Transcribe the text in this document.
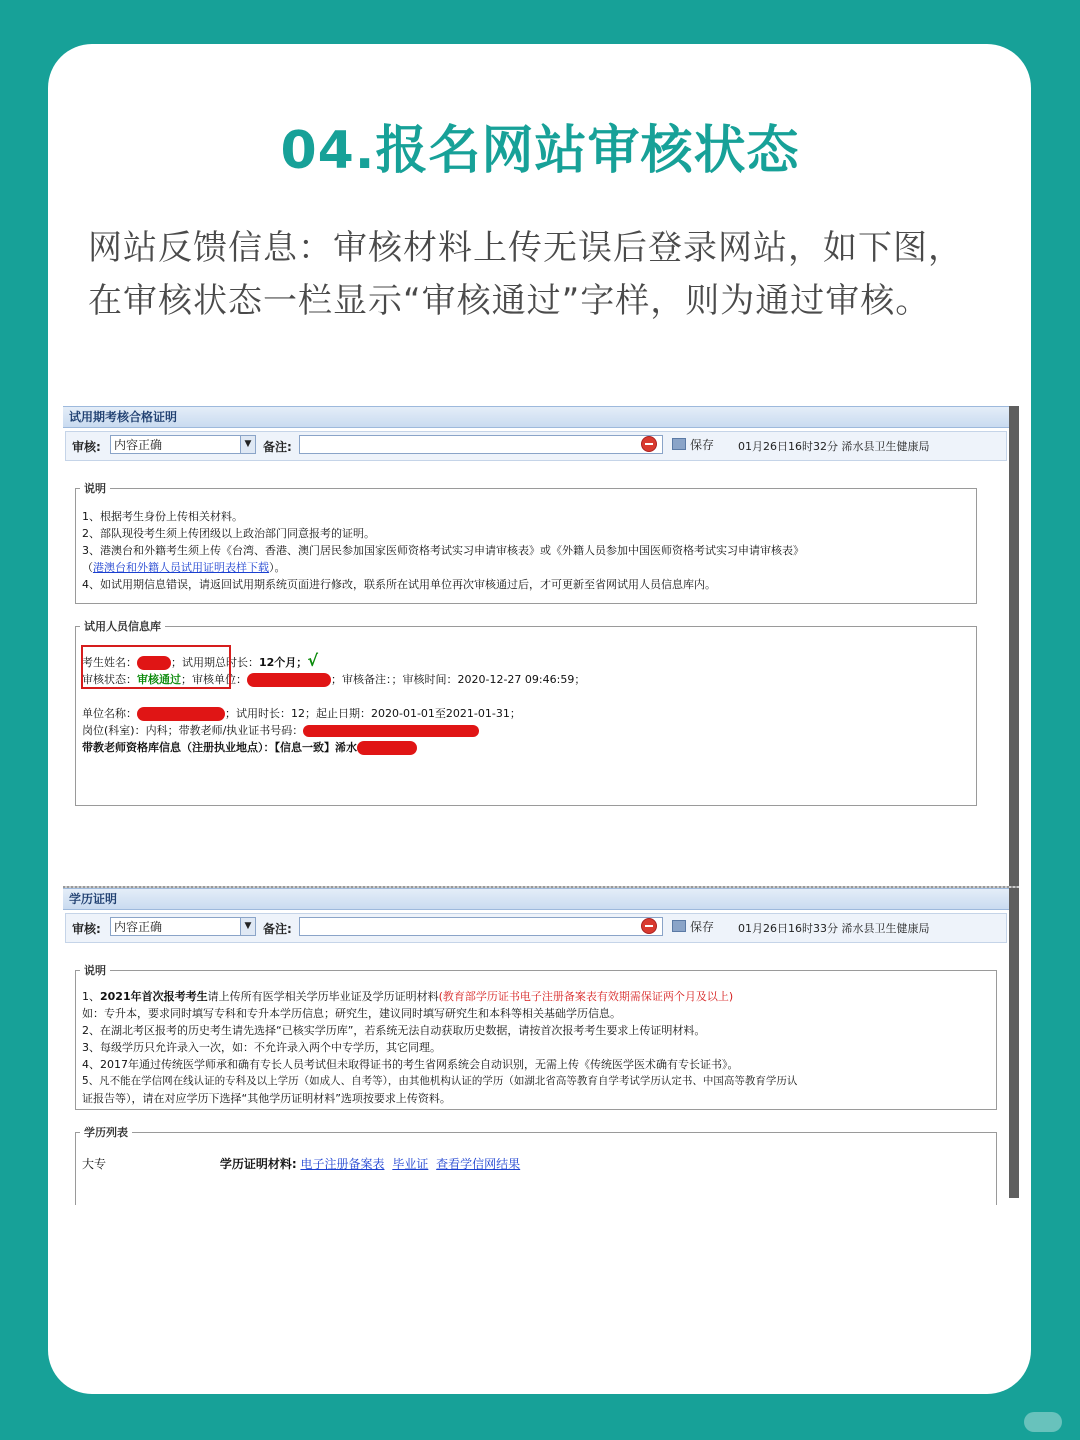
04.报名网站审核状态
网站反馈信息：审核材料上传无误后登录网站，如下图，在审核状态一栏显示“审核通过”字样，则为通过审核。
试用期考核合格证明
审核:	内容正确	▼ 备注:	保存 01月26日16时32分 浠水县卫生健康局
说明
1、根据考生身份上传相关材料。
2、部队现役考生须上传团级以上政治部门同意报考的证明。
3、港澳台和外籍考生须上传《台湾、香港、澳门居民参加国家医师资格考试实习申请审核表》或《外籍人员参加中国医师资格考试实习申请审核表》
（港澳台和外籍人员试用证明表样下载）。
4、如试用期信息错误，请返回试用期系统页面进行修改，联系所在试用单位再次审核通过后，才可更新至省网试用人员信息库内。
试用人员信息库
考生姓名：	；试用期总时长：12个月；√
审核状态：审核通过；审核单位：	；审核备注：；审核时间：2020-12-27 09:46:59；
单位名称：	；试用时长：12；起止日期：2020-01-01至2021-01-31；
岗位(科室)：内科；带教老师/执业证书号码：
带教老师资格库信息（注册执业地点）：【信息一致】浠水
学历证明
审核:	内容正确	▼ 备注:	保存 01月26日16时33分 浠水县卫生健康局
说明
1、2021年首次报考考生请上传所有医学相关学历毕业证及学历证明材料(教育部学历证书电子注册备案表有效期需保证两个月及以上)
如：专升本，要求同时填写专科和专升本学历信息；研究生，建议同时填写研究生和本科等相关基础学历信息。
2、在湖北考区报考的历史考生请先选择“已核实学历库”，若系统无法自动获取历史数据，请按首次报考考生要求上传证明材料。
3、每级学历只允许录入一次，如：不允许录入两个中专学历，其它同理。
4、2017年通过传统医学师承和确有专长人员考试但未取得证书的考生省网系统会自动识别，无需上传《传统医学医术确有专长证书》。
5、凡不能在学信网在线认证的专科及以上学历（如成人、自考等），由其他机构认证的学历（如湖北省高等教育自学考试学历认定书、中国高等教育学历认
证报告等），请在对应学历下选择“其他学历证明材料”选项按要求上传资料。
学历列表
大专	学历证明材料: 电子注册备案表 毕业证 查看学信网结果
